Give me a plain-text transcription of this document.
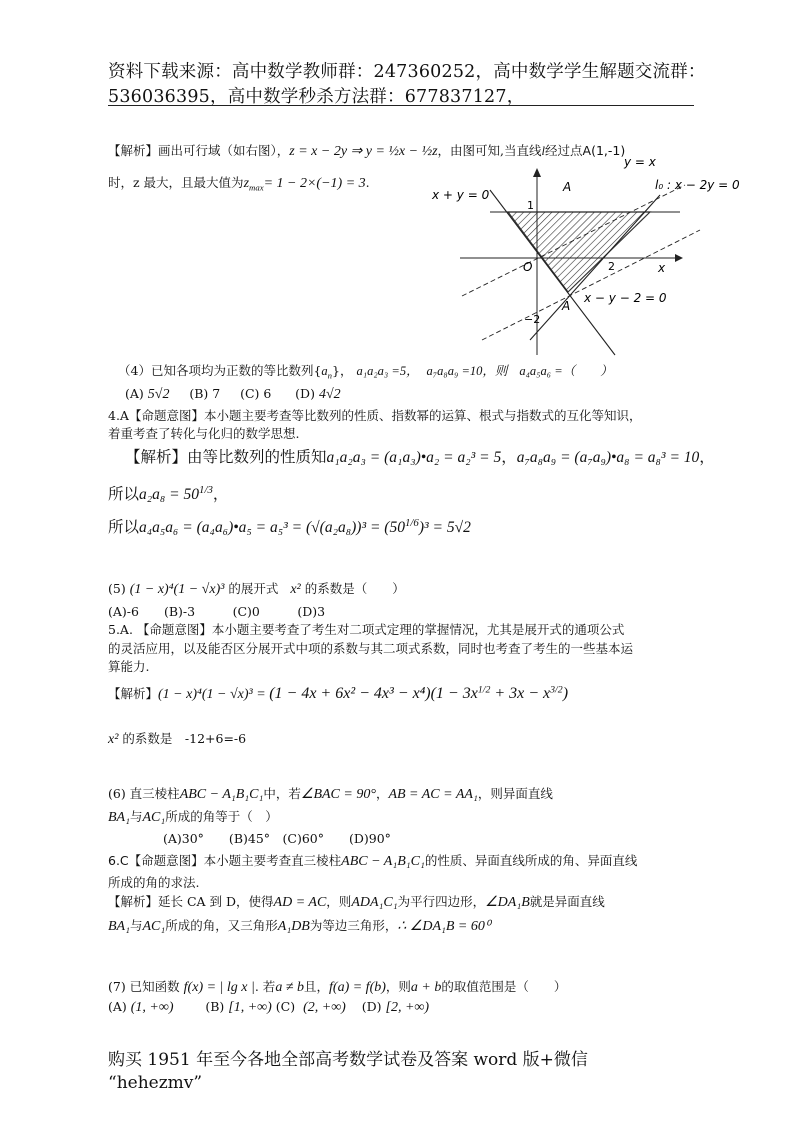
资料下载来源：高中数学教师群：247360252，高中数学学生解题交流群：
536036395，高中数学秒杀方法群：677837127，
【解析】画出可行域（如右图），z = x − 2y ⇒ y = ½x − ½z，由图可知,当直线l经过点A(1,-1)
时，z 最大，且最大值为$z_{max}= 1 - 2\times(-1) = 3$.
y = x
l₀ : x − 2y = 0
x + y = 0
A
1
O	2	x
x − y − 2 = 0
A
−2
（4）已知各项均为正数的等比数列$\{a_n\}$， a₁a₂a₃ =5， a₇a₈a₉ =10，则 a₄a₅a₆ =（　　）
(A) 5√2 (B) 7 (C) 6 (D) 4√2
4.A【命题意图】本小题主要考查等比数列的性质、指数幂的运算、根式与指数式的互化等知识，
着重考查了转化与化归的数学思想.
【解析】由等比数列的性质知a₁a₂a₃ = (a₁a₃)•a₂ = a₂³ = 5，a₇a₈a₉ = (a₇a₉)•a₈ = a₈³ = 10，
所以$a_2a_8 = 50^{1/3}$，
所以a₄a₅a₆ = (a₄a₆)•a₅ = $a_5^3 = (√(a_2a_8))^3 = (50^{1/6})^3 = 5√2$
(5) (1 − x)⁴(1 − √x)³ 的展开式 x² 的系数是（　　）
(A)-6　　(B)-3　　　(C)0　　　(D)3
5.A. 【命题意图】本小题主要考查了考生对二项式定理的掌握情况，尤其是展开式的通项公式
的灵活应用，以及能否区分展开式中项的系数与其二项式系数，同时也考查了考生的一些基本运
算能力.
【解析】$(1 - x)^4(1 - √x)^3 = (1 - 4x + 6x^2 - 4x^3 - x^4)(1 - 3x^{1/2} + 3x - x^{3/2})$
x² 的系数是　-12+6=-6
(6) 直三棱柱ABC − A₁B₁C₁中，若∠BAC = 90°，AB = AC = AA₁，则异面直线
BA₁与AC₁所成的角等于（　）
(A)30°　　(B)45°　(C)60°　　(D)90°
6.C【命题意图】本小题主要考查直三棱柱ABC − A₁B₁C₁的性质、异面直线所成的角、异面直线
所成的角的求法.
【解析】延长 CA 到 D，使得AD = AC，则ADA₁C₁为平行四边形，∠DA₁B就是异面直线
BA₁与AC₁所成的角，又三角形A₁DB为等边三角形，∴ ∠DA₁B = 60⁰
(7) 已知函数 f(x) = | lg x |. 若a ≠ b且，f(a) = f(b)，则a + b的取值范围是（　　）
(A) (1, +∞)	(B) [1, +∞) (C) (2, +∞) (D) [2, +∞)
购买 1951 年至今各地全部高考数学试卷及答案 word 版+微信
“hehezmv”
